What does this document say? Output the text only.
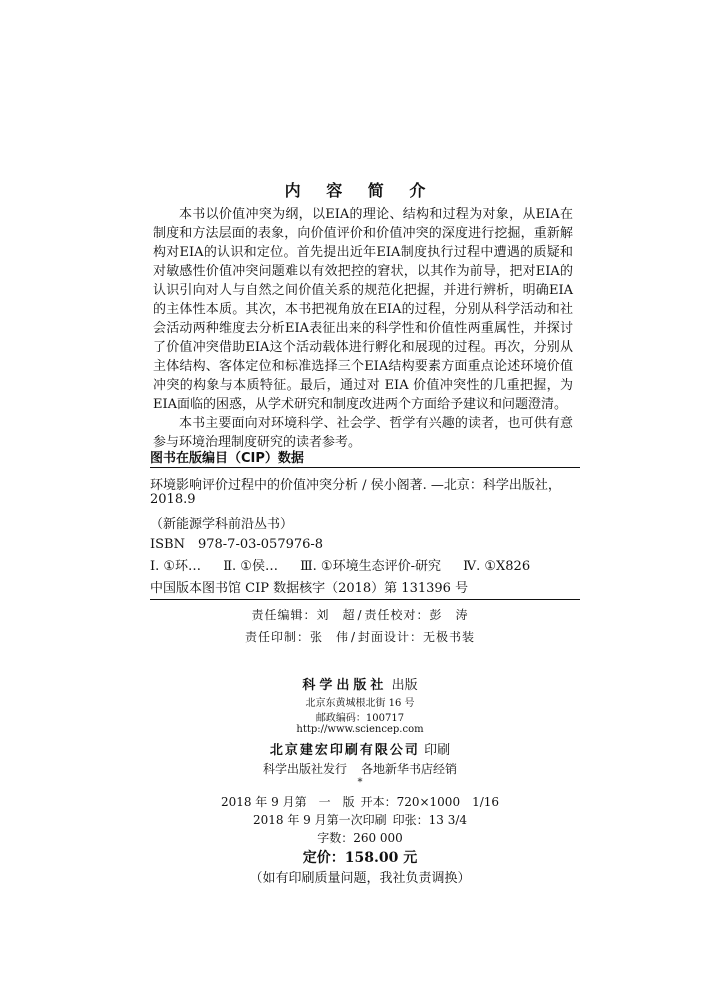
内 容 简 介

本书以价值冲突为纲，以EIA的理论、结构和过程为对象，从EIA在制度和方法层面的表象，向价值评价和价值冲突的深度进行挖掘，重新解构对EIA的认识和定位。首先提出近年EIA制度执行过程中遭遇的质疑和对敏感性价值冲突问题难以有效把控的窘状，以其作为前导，把对EIA的认识引向对人与自然之间价值关系的规范化把握，并进行辨析，明确EIA的主体性本质。其次，本书把视角放在EIA的过程，分别从科学活动和社会活动两种维度去分析EIA表征出来的科学性和价值性两重属性，并探讨了价值冲突借助EIA这个活动载体进行孵化和展现的过程。再次，分别从主体结构、客体定位和标准选择三个EIA结构要素方面重点论述环境价值冲突的构象与本质特征。最后，通过对 EIA 价值冲突性的几重把握，为EIA面临的困惑，从学术研究和制度改进两个方面给予建议和问题澄清。

本书主要面向对环境科学、社会学、哲学有兴趣的读者，也可供有意参与环境治理制度研究的读者参考。

图书在版编目（CIP）数据
环境影响评价过程中的价值冲突分析 / 侯小阁著. —北京：科学出版社，
2018.9
（新能源学科前沿丛书）
ISBN　978-7-03-057976-8
Ⅰ. ①环… Ⅱ. ①侯… Ⅲ. ①环境生态评价-研究 Ⅳ. ①X826
中国版本图书馆 CIP 数据核字（2018）第 131396 号
责任编辑：刘　超 / 责任校对：彭　涛
责任印制：张　伟 / 封面设计：无极书装
科学出版社 出版
北京东黄城根北街 16 号
邮政编码：100717
http://www.sciencep.com
北京建宏印刷有限公司 印刷
科学出版社发行 各地新华书店经销
*
2018 年 9 月第　一　版 开本：720×1000　1/16
2018 年 9 月第一次印刷 印张：13 3/4
字数：260 000
定价：158.00 元
（如有印刷质量问题，我社负责调换）
